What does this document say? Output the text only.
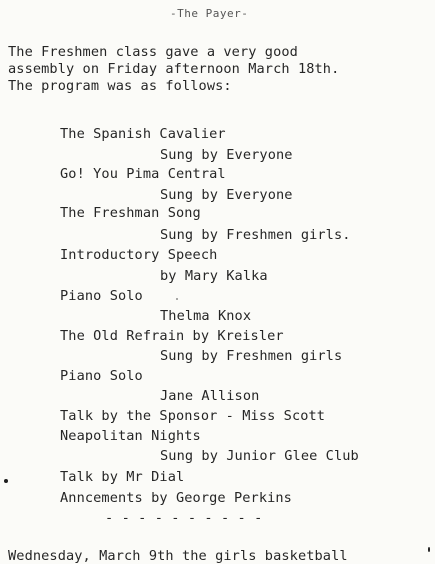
-The Payer-
The Freshmen class gave a very good
assembly on Friday afternoon March 18th.
The program was as follows:
The Spanish Cavalier
Sung by Everyone
Go! You Pima Central
Sung by Everyone
The Freshman Song
Sung by Freshmen girls.
Introductory Speech
by Mary Kalka
Piano Solo
Thelma Knox
The Old Refrain by Kreisler
Sung by Freshmen girls
Piano Solo
Jane Allison
Talk by the Sponsor - Miss Scott
Neapolitan Nights
Sung by Junior Glee Club
Talk by Mr Dial
Anncements by George Perkins
- - - - - - - - - -
Wednesday, March 9th the girls basketball
